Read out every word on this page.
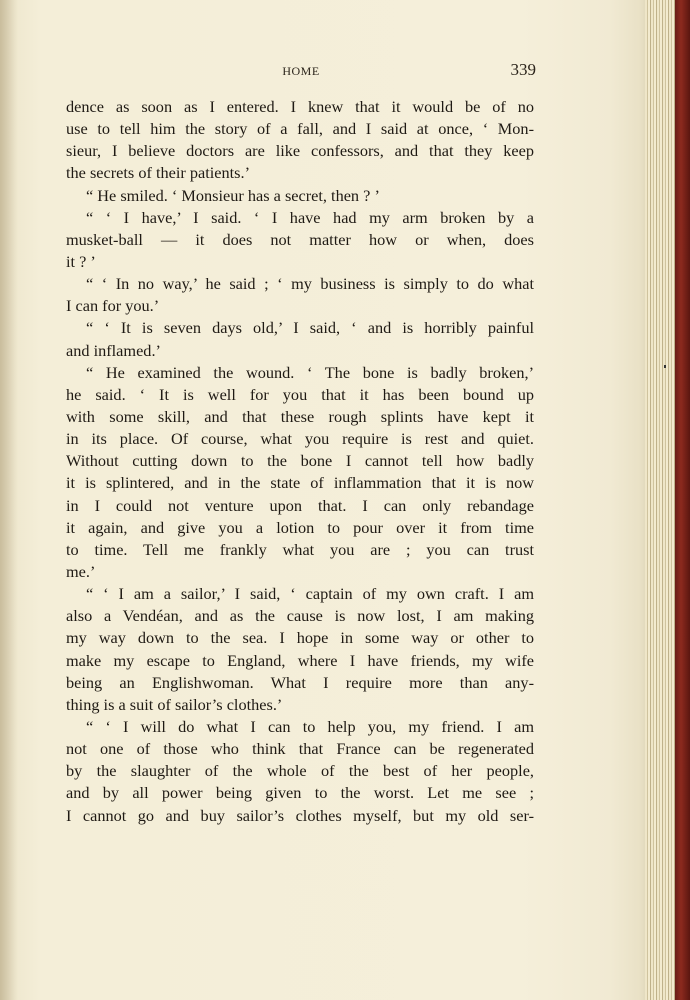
HOME	339
dence as soon as I entered. I knew that it would be of no
use to tell him the story of a fall, and I said at once, ‘ Mon-
sieur, I believe doctors are like confessors, and that they keep
the secrets of their patients.’
“ He smiled. ‘ Monsieur has a secret, then ? ’
“ ‘ I have,’ I said. ‘ I have had my arm broken by a
musket-ball — it does not matter how or when, does
it ? ’
“ ‘ In no way,’ he said ; ‘ my business is simply to do what
I can for you.’
“ ‘ It is seven days old,’ I said, ‘ and is horribly painful
and inflamed.’
“ He examined the wound. ‘ The bone is badly broken,’
he said. ‘ It is well for you that it has been bound up
with some skill, and that these rough splints have kept it
in its place. Of course, what you require is rest and quiet.
Without cutting down to the bone I cannot tell how badly
it is splintered, and in the state of inflammation that it is now
in I could not venture upon that. I can only rebandage
it again, and give you a lotion to pour over it from time
to time. Tell me frankly what you are ; you can trust
me.’
“ ‘ I am a sailor,’ I said, ‘ captain of my own craft. I am
also a Vendéan, and as the cause is now lost, I am making
my way down to the sea. I hope in some way or other to
make my escape to England, where I have friends, my wife
being an Englishwoman. What I require more than any-
thing is a suit of sailor’s clothes.’
“ ‘ I will do what I can to help you, my friend. I am
not one of those who think that France can be regenerated
by the slaughter of the whole of the best of her people,
and by all power being given to the worst. Let me see ;
I cannot go and buy sailor’s clothes myself, but my old ser-
